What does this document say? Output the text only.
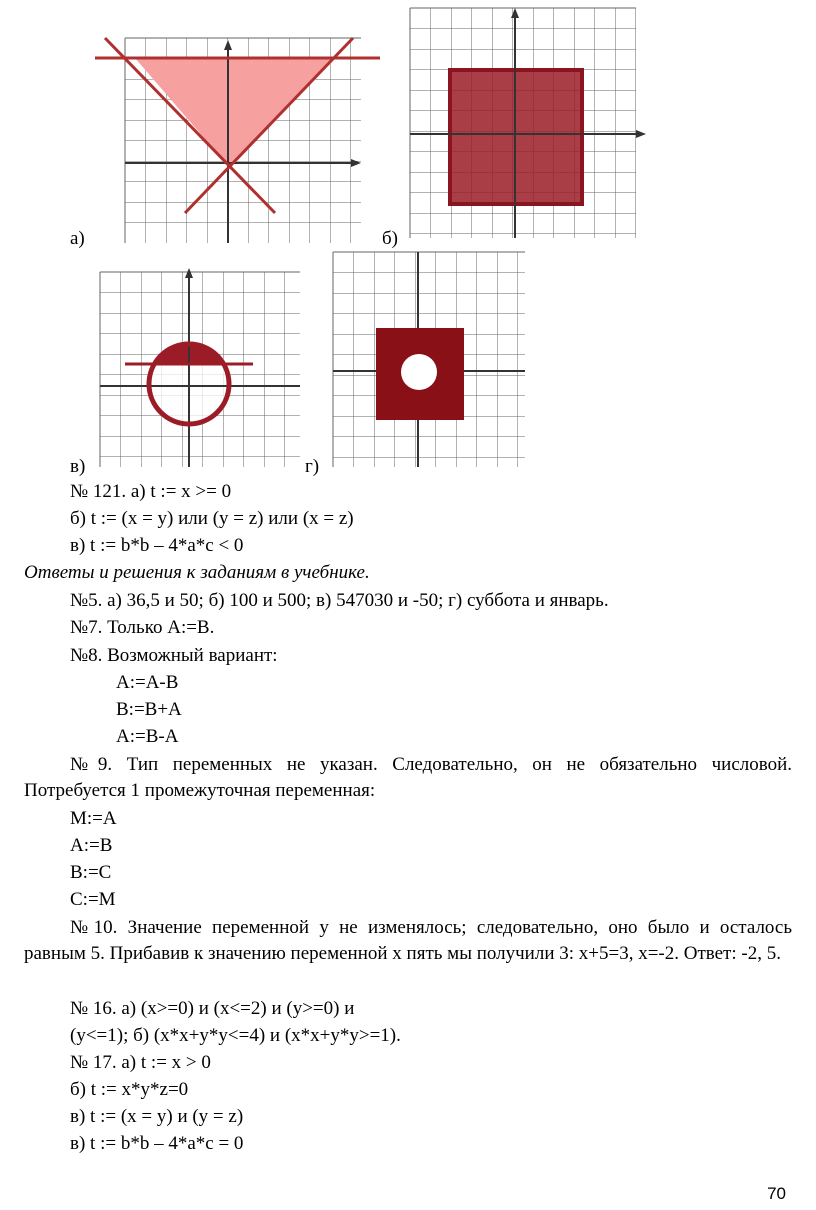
а)	б)
в)	г)
№ 121. а) t := x >= 0
б) t := (x = y) или (y = z) или (x = z)
в) t := b*b – 4*a*c < 0
Ответы и решения к заданиям в учебнике.
№5. а) 36,5 и 50; б) 100 и 500; в) 547030 и -50; г) суббота и январь.
№7. Только A:=B.
№8. Возможный вариант:
A:=A-B
B:=B+A
A:=B-A
№9. Тип переменных не указан. Следовательно, он не обязательно числовой. Потребуется 1 промежуточная переменная:
M:=A
A:=B
B:=C
C:=M
№10. Значение переменной y не изменялось; следовательно, оно было и осталось равным 5. Прибавив к значению переменной x пять мы получили 3: x+5=3, x=-2. Ответ: -2, 5.
№ 16. а) (x>=0) и (x<=2) и (y>=0) и
(y<=1); б) (x*x+y*y<=4) и (x*x+y*y>=1).
№ 17. а) t := x > 0
б) t := x*y*z=0
в) t := (x = y) и (y = z)
в) t := b*b – 4*a*c = 0
70
